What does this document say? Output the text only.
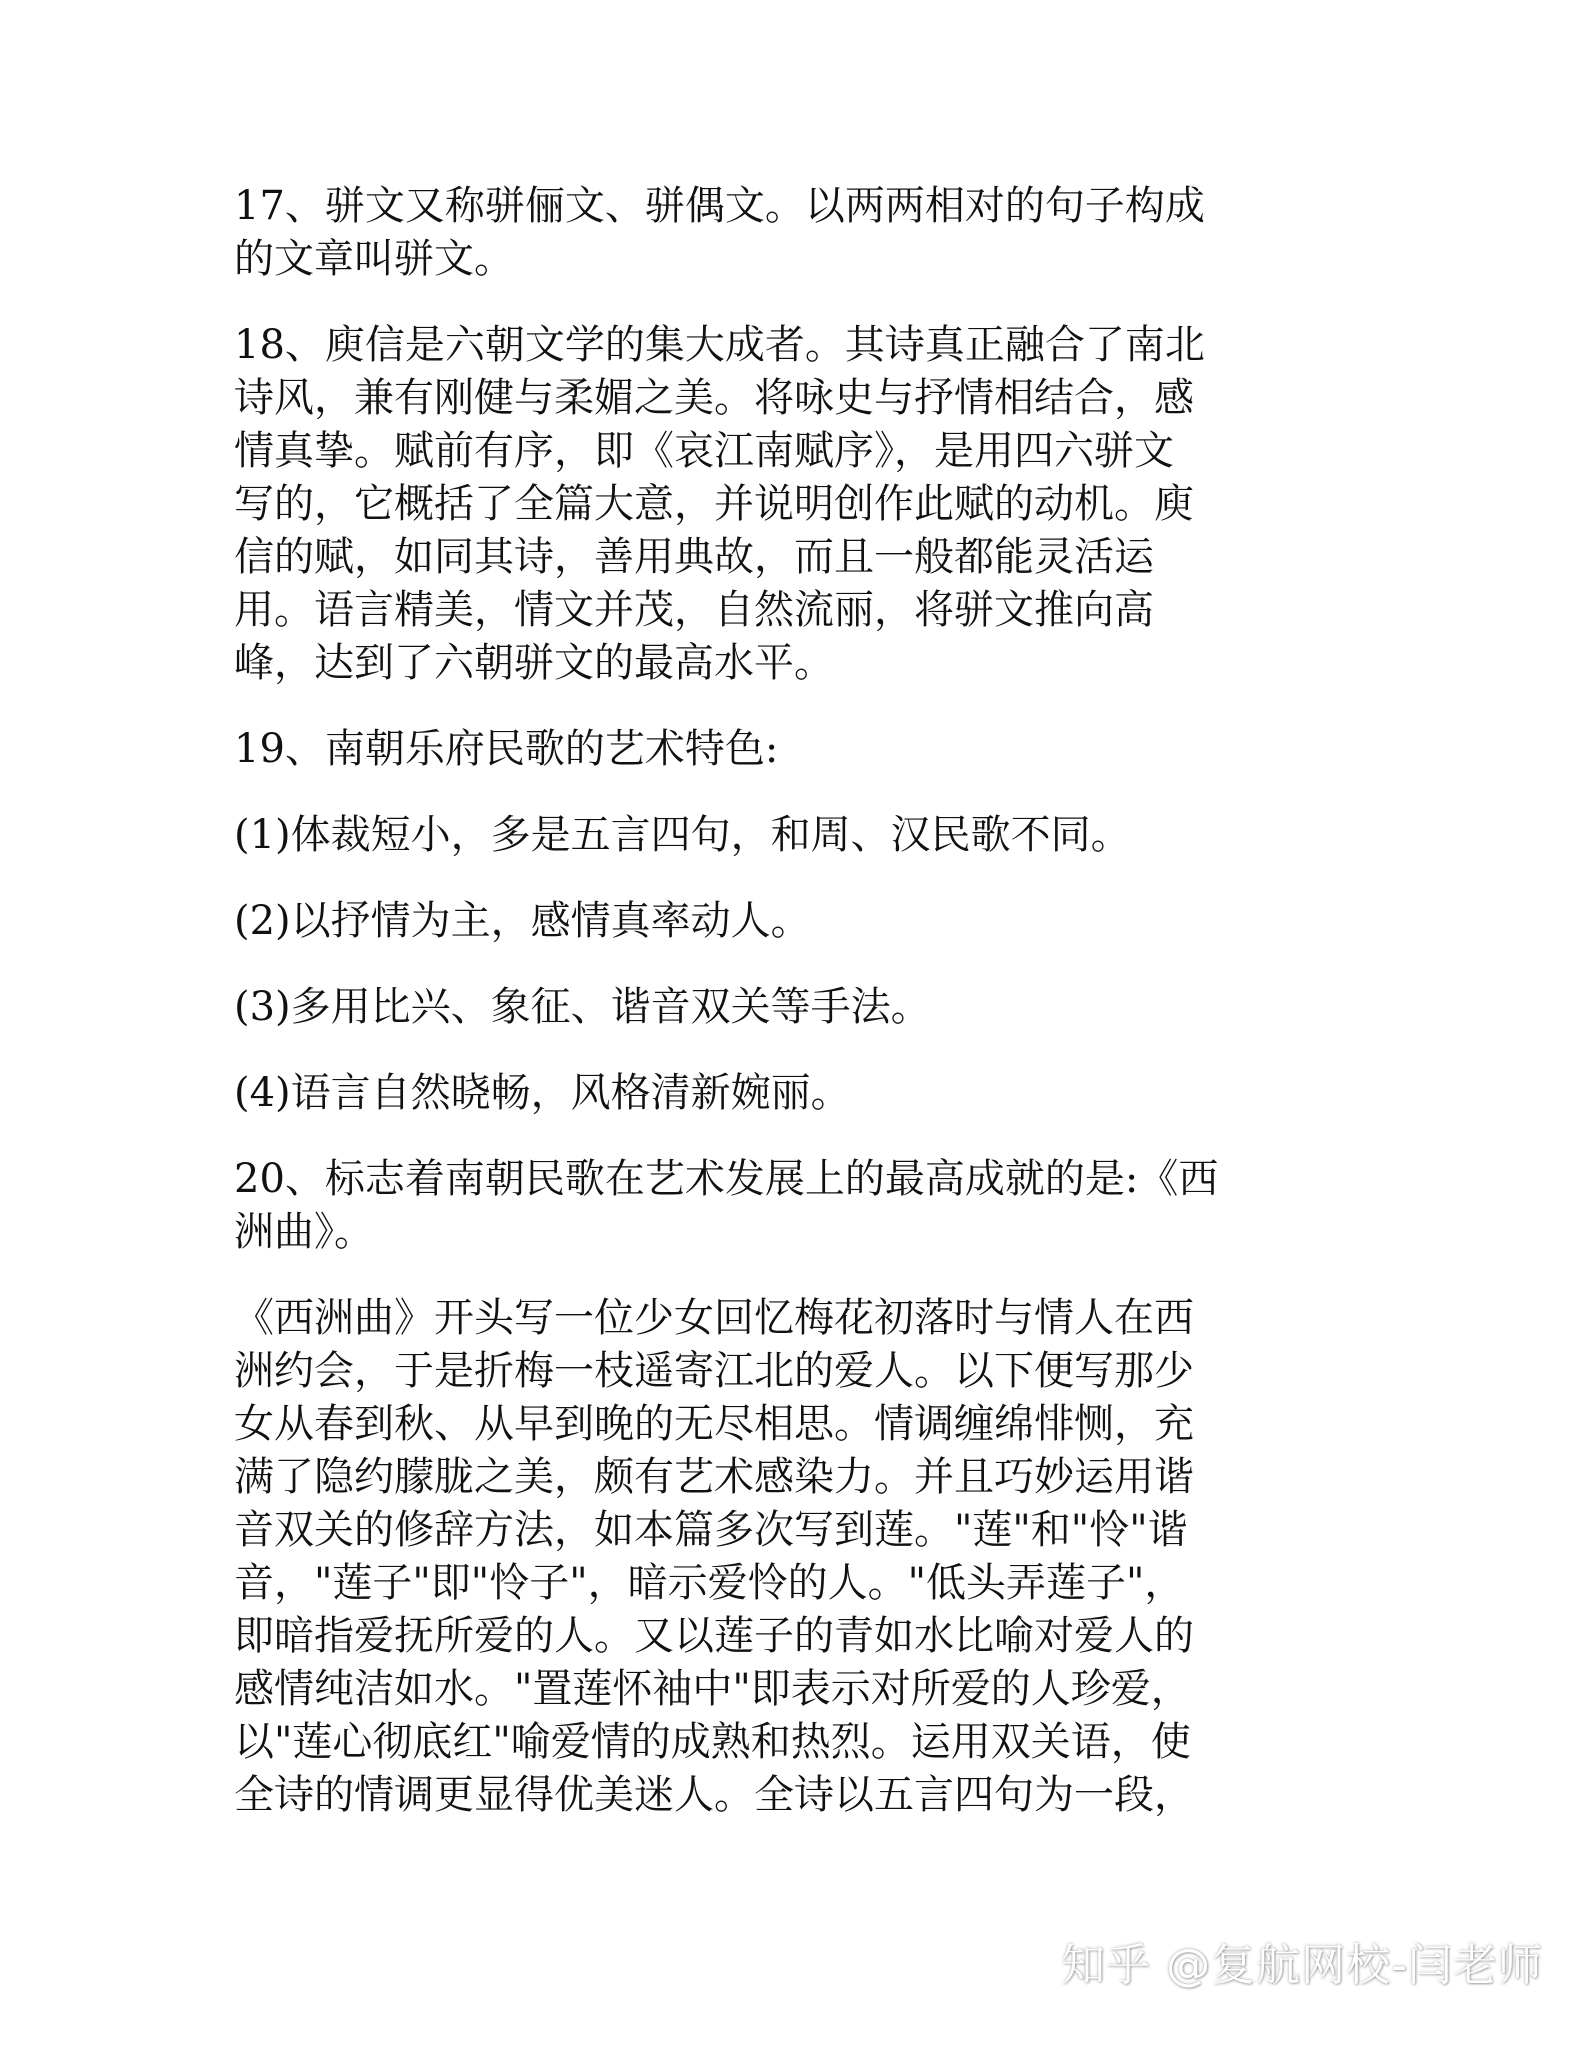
17、骈文又称骈俪文、骈偶文。以两两相对的句子构成
的文章叫骈文。
18、庾信是六朝文学的集大成者。其诗真正融合了南北
诗风，兼有刚健与柔媚之美。将咏史与抒情相结合，感
情真挚。赋前有序，即《哀江南赋序》，是用四六骈文
写的，它概括了全篇大意，并说明创作此赋的动机。庾
信的赋，如同其诗，善用典故，而且一般都能灵活运
用。语言精美，情文并茂，自然流丽，将骈文推向高
峰，达到了六朝骈文的最高水平。
19、南朝乐府民歌的艺术特色:
(1)体裁短小，多是五言四句，和周、汉民歌不同。
(2)以抒情为主，感情真率动人。
(3)多用比兴、象征、谐音双关等手法。
(4)语言自然晓畅，风格清新婉丽。
20、标志着南朝民歌在艺术发展上的最高成就的是:《西
洲曲》。
《西洲曲》开头写一位少女回忆梅花初落时与情人在西
洲约会，于是折梅一枝遥寄江北的爱人。以下便写那少
女从春到秋、从早到晚的无尽相思。情调缠绵悱恻，充
满了隐约朦胧之美，颇有艺术感染力。并且巧妙运用谐
音双关的修辞方法，如本篇多次写到莲。"莲"和"怜"谐
音，"莲子"即"怜子"，暗示爱怜的人。"低头弄莲子"，
即暗指爱抚所爱的人。又以莲子的青如水比喻对爱人的
感情纯洁如水。"置莲怀袖中"即表示对所爱的人珍爱，
以"莲心彻底红"喻爱情的成熟和热烈。运用双关语，使
全诗的情调更显得优美迷人。全诗以五言四句为一段，
知乎 @复航网校-闫老师
